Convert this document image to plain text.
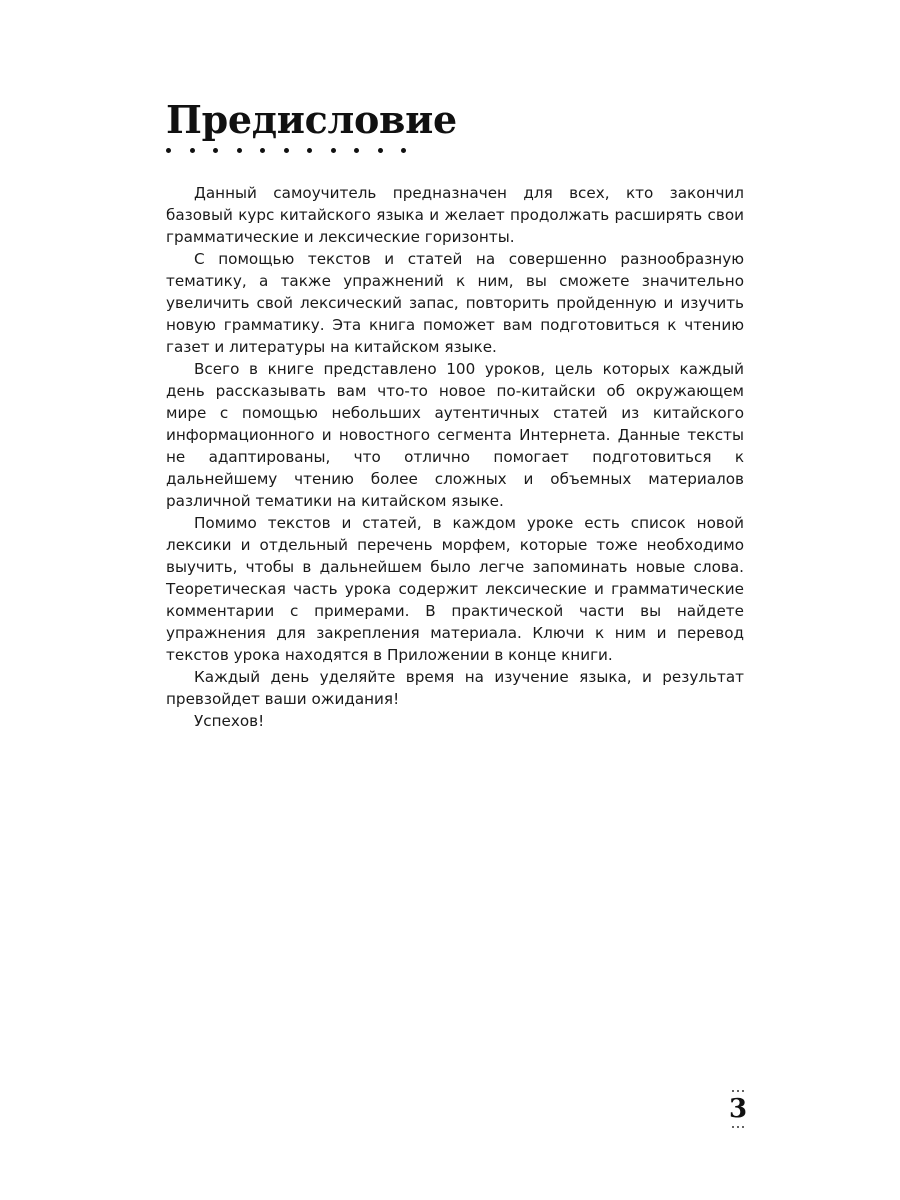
Предисловие

Данный самоучитель предназначен для всех, кто закончил базовый курс китайского языка и желает продолжать расширять свои грамматические и лексические горизонты.

С помощью текстов и статей на совершенно разнообразную тематику, а также упражнений к ним, вы сможете значительно увеличить свой лексический запас, повторить пройденную и изучить новую грамматику. Эта книга поможет вам подготовиться к чтению газет и литературы на китайском языке.

Всего в книге представлено 100 уроков, цель которых каждый день рассказывать вам что-то новое по-китайски об окружающем мире с помощью небольших аутентичных статей из китайского информационного и новостного сегмента Интернета. Данные тексты не адаптированы, что отлично помогает подготовиться к дальнейшему чтению более сложных и объемных материалов различной тематики на китайском языке.

Помимо текстов и статей, в каждом уроке есть список новой лексики и отдельный перечень морфем, которые тоже необходимо выучить, чтобы в дальнейшем было легче запоминать новые слова. Теоретическая часть урока содержит лексические и грамматические комментарии с примерами. В практической части вы найдете упражнения для закрепления материала. Ключи к ним и перевод текстов урока находятся в Приложении в конце книги.

Каждый день уделяйте время на изучение языка, и результат превзойдет ваши ожидания!

Успехов!

3
